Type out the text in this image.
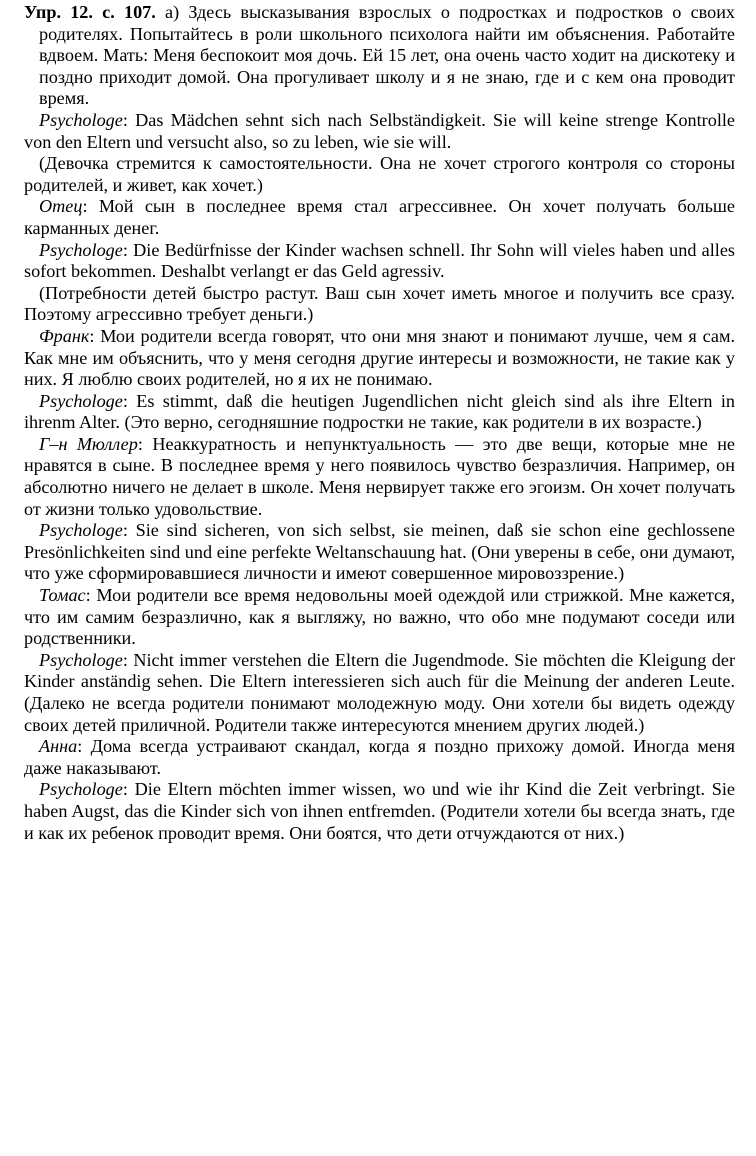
Упр. 12. с. 107. а) Здесь высказывания взрослых о подростках и подростков о своих родителях. Попытайтесь в роли школьного психолога найти им объяснения. Работайте вдвоем. Мать: Меня беспокоит моя дочь. Ей 15 лет, она очень часто ходит на дискотеку и поздно приходит домой. Она прогуливает школу и я не знаю, где и с кем она проводит время.

Psychologe: Das Mädchen sehnt sich nach Selbständigkeit. Sie will keine strenge Kontrolle von den Eltern und versucht also, so zu leben, wie sie will.

(Девочка стремится к самостоятельности. Она не хочет строгого контроля со стороны родителей, и живет, как хочет.)

Отец: Мой сын в последнее время стал агрессивнее. Он хочет получать больше карманных денег.

Psychologe: Die Bedürfnisse der Kinder wachsen schnell. Ihr Sohn will vieles haben und alles sofort bekommen. Deshalbt verlangt er das Geld agressiv.

(Потребности детей быстро растут. Ваш сын хочет иметь многое и получить все сразу. Поэтому агрессивно требует деньги.)

Франк: Мои родители всегда говорят, что они мня знают и понимают лучше, чем я сам. Как мне им объяснить, что у меня сегодня другие интересы и возможности, не такие как у них. Я люблю своих родителей, но я их не понимаю.

Psychologe: Es stimmt, daß die heutigen Jugendlichen nicht gleich sind als ihre Eltern in ihrenm Alter. (Это верно, сегодняшние подростки не такие, как родители в их возрасте.)

Г–н Мюллер: Неаккуратность и непунктуальность — это две вещи, которые мне не нравятся в сыне. В последнее время у него появилось чувство безразличия. Например, он абсолютно ничего не делает в школе. Меня нервирует также его эгоизм. Он хочет получать от жизни только удовольствие.

Psychologe: Sie sind sicheren, von sich selbst, sie meinen, daß sie schon eine gechlossene Presönlichkeiten sind und eine perfekte Weltanschauung hat. (Они уверены в себе, они думают, что уже сформировавшиеся личности и имеют совершенное мировоззрение.)

Томас: Мои родители все время недовольны моей одеждой или стрижкой. Мне кажется, что им самим безразлично, как я выгляжу, но важно, что обо мне подумают соседи или родственники.

Psychologe: Nicht immer verstehen die Eltern die Jugendmode. Sie möchten die Kleigung der Kinder anständig sehen. Die Eltern interessieren sich auch für die Meinung der anderen Leute. (Далеко не всегда родители понимают молодежную моду. Они хотели бы видеть одежду своих детей приличной. Родители также интересуются мнением других людей.)

Анна: Дома всегда устраивают скандал, когда я поздно прихожу домой. Иногда меня даже наказывают.

Psychologe: Die Eltern möchten immer wissen, wo und wie ihr Kind die Zeit verbringt. Sie haben Augst, das die Kinder sich von ihnen entfremden. (Родители хотели бы всегда знать, где и как их ребенок проводит время. Они боятся, что дети отчуждаются от них.)
